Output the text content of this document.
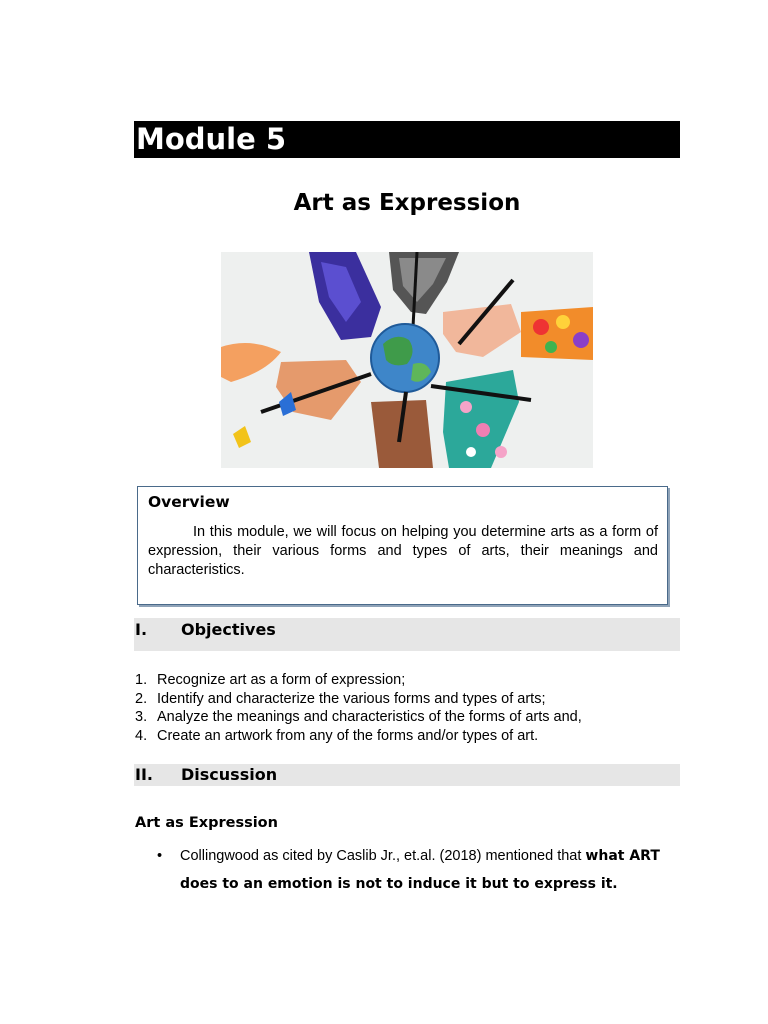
Module 5
Art as Expression
Overview

In this module, we will focus on helping you determine arts as a form of expression, their various forms and types of arts, their meanings and characteristics.

I. Objectives
1. Recognize art as a form of expression;
2. Identify and characterize the various forms and types of arts;
3. Analyze the meanings and characteristics of the forms of arts and,
4. Create an artwork from any of the forms and/or types of art.
II. Discussion
Art as Expression
• Collingwood as cited by Caslib Jr., et.al. (2018) mentioned that what ART does to an emotion is not to induce it but to express it.
